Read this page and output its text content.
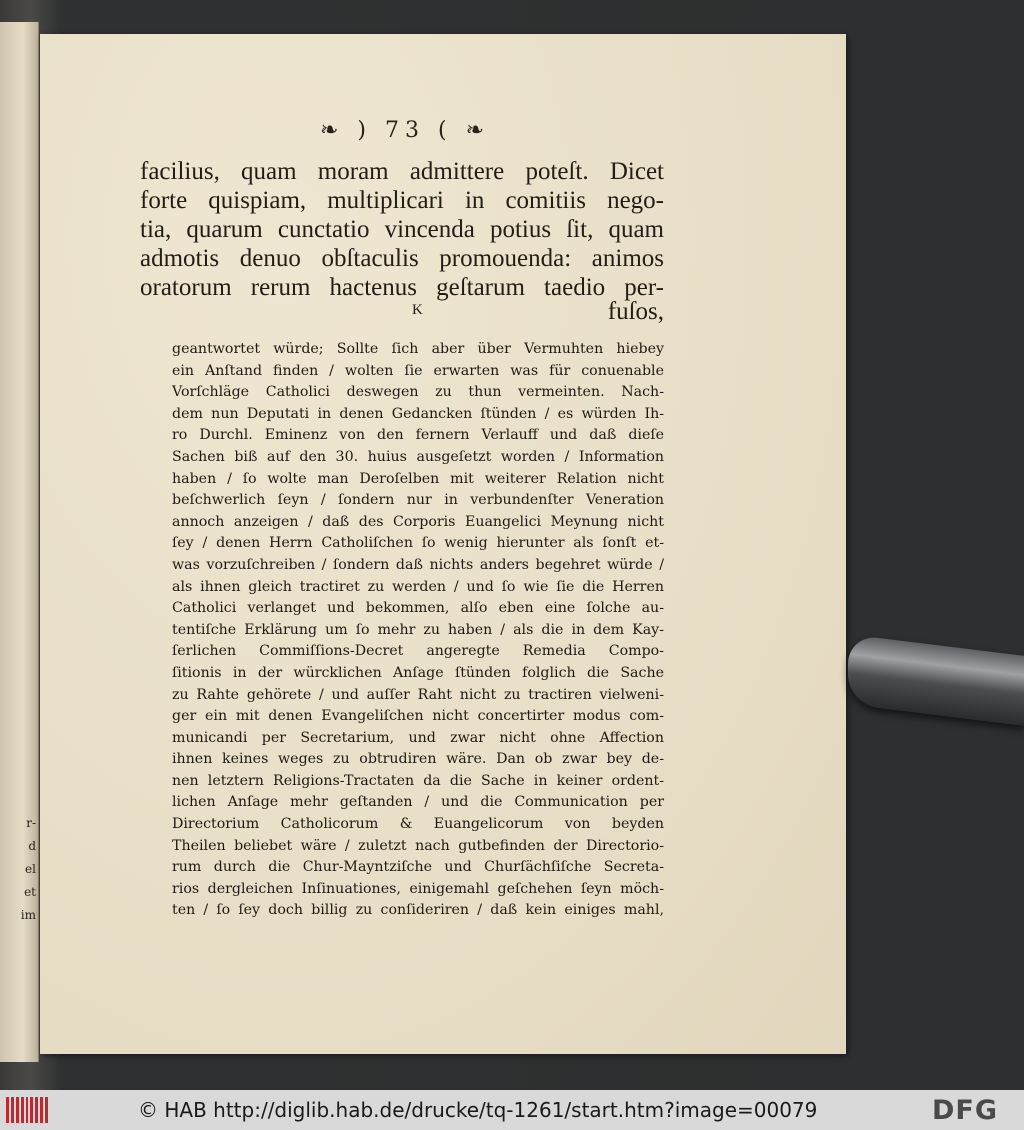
r-
d
el
et
im
❧ ) 73 ( ❧
facilius, quam moram admittere poteſt. Dicet
forte quispiam, multiplicari in comitiis nego-
tia, quarum cunctatio vincenda potius ſit, quam
admotis denuo obſtaculis promouenda: animos
oratorum rerum hactenus geſtarum taedio per-
K	fuſos,
geantwortet würde; Sollte ſich aber über Vermuhten hiebey
ein Anſtand finden / wolten ſie erwarten was für conuenable
Vorſchläge Catholici deswegen zu thun vermeinten. Nach-
dem nun Deputati in denen Gedancken ſtünden / es würden Ih-
ro Durchl. Eminenz von den fernern Verlauff und daß dieſe
Sachen biß auf den 30. huius ausgeſetzt worden / Information
haben / ſo wolte man Deroſelben mit weiterer Relation nicht
beſchwerlich ſeyn / ſondern nur in verbundenſter Veneration
annoch anzeigen / daß des Corporis Euangelici Meynung nicht
ſey / denen Herrn Catholiſchen ſo wenig hierunter als ſonſt et-
was vorzuſchreiben / ſondern daß nichts anders begehret würde /
als ihnen gleich tractiret zu werden / und ſo wie ſie die Herren
Catholici verlanget und bekommen, alſo eben eine ſolche au-
tentiſche Erklärung um ſo mehr zu haben / als die in dem Kay-
ſerlichen Commiſſions-Decret angeregte Remedia Compo-
ſitionis in der würcklichen Anſage ſtünden folglich die Sache
zu Rahte gehörete / und auſſer Raht nicht zu tractiren vielweni-
ger ein mit denen Evangeliſchen nicht concertirter modus com-
municandi per Secretarium, und zwar nicht ohne Affection
ihnen keines weges zu obtrudiren wäre. Dan ob zwar bey de-
nen letztern Religions-Tractaten da die Sache in keiner ordent-
lichen Anſage mehr geſtanden / und die Communication per
Directorium Catholicorum & Euangelicorum von beyden
Theilen beliebet wäre / zuletzt nach gutbefinden der Directorio-
rum durch die Chur-Mayntziſche und Churſächſiſche Secreta-
rios dergleichen Inſinuationes, einigemahl geſchehen ſeyn möch-
ten / ſo ſey doch billig zu conſideriren / daß kein einiges mahl,
© HAB http://diglib.hab.de/drucke/tq-1261/start.htm?image=00079	DFG
